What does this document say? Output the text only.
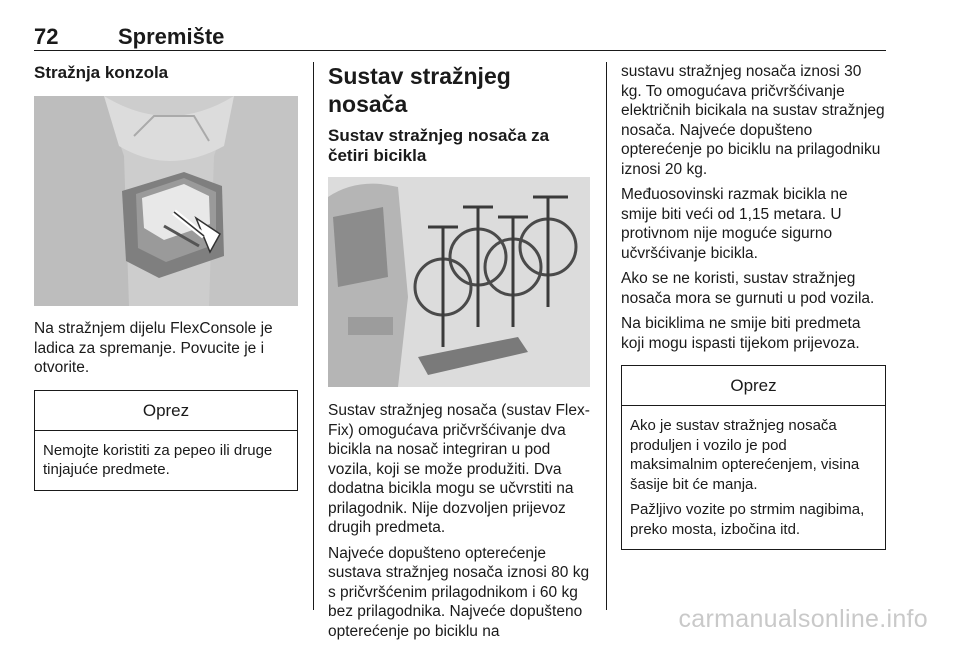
72	Spremište
Stražnja konzola

Na stražnjem dijelu FlexConsole je ladica za spremanje. Povucite je i otvorite.

Oprez

Nemojte koristiti za pepeo ili druge tinjajuće predmete.

Sustav stražnjeg nosača
Sustav stražnjeg nosača za četiri bicikla

Sustav stražnjeg nosača (sustav Flex-Fix) omogućava pričvršćivanje dva bicikla na nosač integriran u pod vozila, koji se može produžiti. Dva dodatna bicikla mogu se učvrstiti na prilagodnik. Nije dozvoljen prijevoz drugih predmeta.

Najveće dopušteno opterećenje sustava stražnjeg nosača iznosi 80 kg s pričvršćenim prilagodnikom i 60 kg bez prilagodnika. Najveće dopušteno opterećenje po biciklu na

sustavu stražnjeg nosača iznosi 30 kg. To omogućava pričvršćivanje električnih bicikala na sustav stražnjeg nosača. Najveće dopušteno opterećenje po biciklu na prilagodniku iznosi 20 kg.

Međuosovinski razmak bicikla ne smije biti veći od 1,15 metara. U protivnom nije moguće sigurno učvršćivanje bicikla.

Ako se ne koristi, sustav stražnjeg nosača mora se gurnuti u pod vozila.

Na biciklima ne smije biti predmeta koji mogu ispasti tijekom prijevoza.

Oprez

Ako je sustav stražnjeg nosača produljen i vozilo je pod maksimalnim opterećenjem, visina šasije bit će manja.

Pažljivo vozite po strmim nagibima, preko mosta, izbočina itd.

carmanualsonline.info
